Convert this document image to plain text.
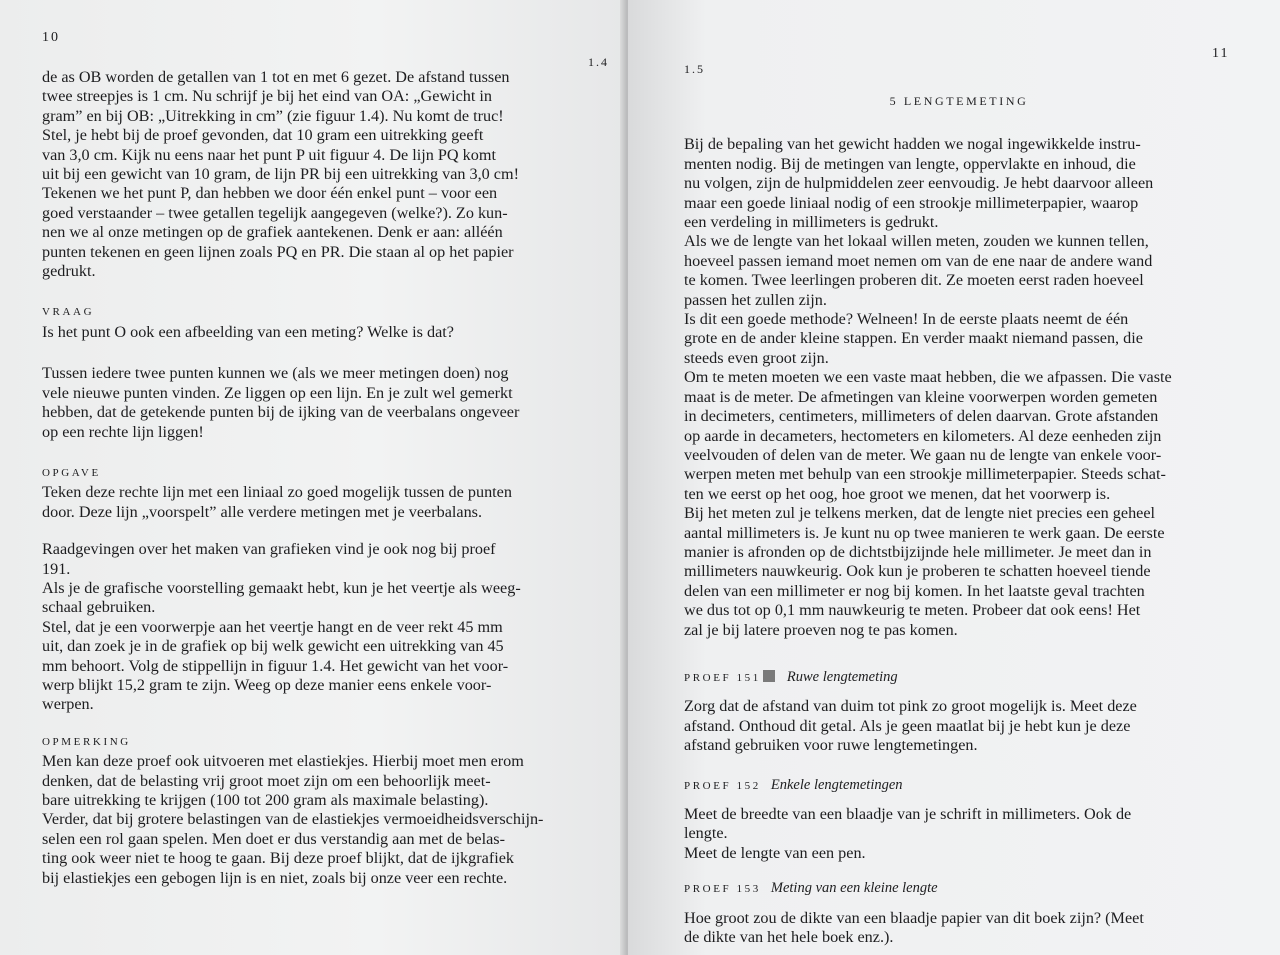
10
1.4

de as OB worden de getallen van 1 tot en met 6 gezet. De afstand tussen

twee streepjes is 1 cm. Nu schrijf je bij het eind van OA: „Gewicht in

gram” en bij OB: „Uitrekking in cm” (zie figuur 1.4). Nu komt de truc!

Stel, je hebt bij de proef gevonden, dat 10 gram een uitrekking geeft

van 3,0 cm. Kijk nu eens naar het punt P uit figuur 4. De lijn PQ komt

uit bij een gewicht van 10 gram, de lijn PR bij een uitrekking van 3,0 cm!

Tekenen we het punt P, dan hebben we door één enkel punt – voor een

goed verstaander – twee getallen tegelijk aangegeven (welke?). Zo kun-

nen we al onze metingen op de grafiek aantekenen. Denk er aan: alléén

punten tekenen en geen lijnen zoals PQ en PR. Die staan al op het papier

gedrukt.

VRAAG

Is het punt O ook een afbeelding van een meting? Welke is dat?

Tussen iedere twee punten kunnen we (als we meer metingen doen) nog

vele nieuwe punten vinden. Ze liggen op een lijn. En je zult wel gemerkt

hebben, dat de getekende punten bij de ijking van de veerbalans ongeveer

op een rechte lijn liggen!

OPGAVE

Teken deze rechte lijn met een liniaal zo goed mogelijk tussen de punten

door. Deze lijn „voorspelt” alle verdere metingen met je veerbalans.

Raadgevingen over het maken van grafieken vind je ook nog bij proef

191.

Als je de grafische voorstelling gemaakt hebt, kun je het veertje als weeg-

schaal gebruiken.

Stel, dat je een voorwerpje aan het veertje hangt en de veer rekt 45 mm

uit, dan zoek je in de grafiek op bij welk gewicht een uitrekking van 45

mm behoort. Volg de stippellijn in figuur 1.4. Het gewicht van het voor-

werp blijkt 15,2 gram te zijn. Weeg op deze manier eens enkele voor-

werpen.

OPMERKING

Men kan deze proef ook uitvoeren met elastiekjes. Hierbij moet men erom

denken, dat de belasting vrij groot moet zijn om een behoorlijk meet-

bare uitrekking te krijgen (100 tot 200 gram als maximale belasting).

Verder, dat bij grotere belastingen van de elastiekjes vermoeidheidsverschijn-

selen een rol gaan spelen. Men doet er dus verstandig aan met de belas-

ting ook weer niet te hoog te gaan. Bij deze proef blijkt, dat de ijkgrafiek

bij elastiekjes een gebogen lijn is en niet, zoals bij onze veer een rechte.

11
1.5

5 LENGTEMETING

Bij de bepaling van het gewicht hadden we nogal ingewikkelde instru-

menten nodig. Bij de metingen van lengte, oppervlakte en inhoud, die

nu volgen, zijn de hulpmiddelen zeer eenvoudig. Je hebt daarvoor alleen

maar een goede liniaal nodig of een strookje millimeterpapier, waarop

een verdeling in millimeters is gedrukt.

Als we de lengte van het lokaal willen meten, zouden we kunnen tellen,

hoeveel passen iemand moet nemen om van de ene naar de andere wand

te komen. Twee leerlingen proberen dit. Ze moeten eerst raden hoeveel

passen het zullen zijn.

Is dit een goede methode? Welneen! In de eerste plaats neemt de één

grote en de ander kleine stappen. En verder maakt niemand passen, die

steeds even groot zijn.

Om te meten moeten we een vaste maat hebben, die we afpassen. Die vaste

maat is de meter. De afmetingen van kleine voorwerpen worden gemeten

in decimeters, centimeters, millimeters of delen daarvan. Grote afstanden

op aarde in decameters, hectometers en kilometers. Al deze eenheden zijn

veelvouden of delen van de meter. We gaan nu de lengte van enkele voor-

werpen meten met behulp van een strookje millimeterpapier. Steeds schat-

ten we eerst op het oog, hoe groot we menen, dat het voorwerp is.

Bij het meten zul je telkens merken, dat de lengte niet precies een geheel

aantal millimeters is. Je kunt nu op twee manieren te werk gaan. De eerste

manier is afronden op de dichtstbijzijnde hele millimeter. Je meet dan in

millimeters nauwkeurig. Ook kun je proberen te schatten hoeveel tiende

delen van een millimeter er nog bij komen. In het laatste geval trachten

we dus tot op 0,1 mm nauwkeurig te meten. Probeer dat ook eens! Het

zal je bij latere proeven nog te pas komen.

PROEF 151 Ruwe lengtemeting

Zorg dat de afstand van duim tot pink zo groot mogelijk is. Meet deze

afstand. Onthoud dit getal. Als je geen maatlat bij je hebt kun je deze

afstand gebruiken voor ruwe lengtemetingen.

PROEF 152 Enkele lengtemetingen

Meet de breedte van een blaadje van je schrift in millimeters. Ook de

lengte.

Meet de lengte van een pen.

PROEF 153 Meting van een kleine lengte

Hoe groot zou de dikte van een blaadje papier van dit boek zijn? (Meet

de dikte van het hele boek enz.).
